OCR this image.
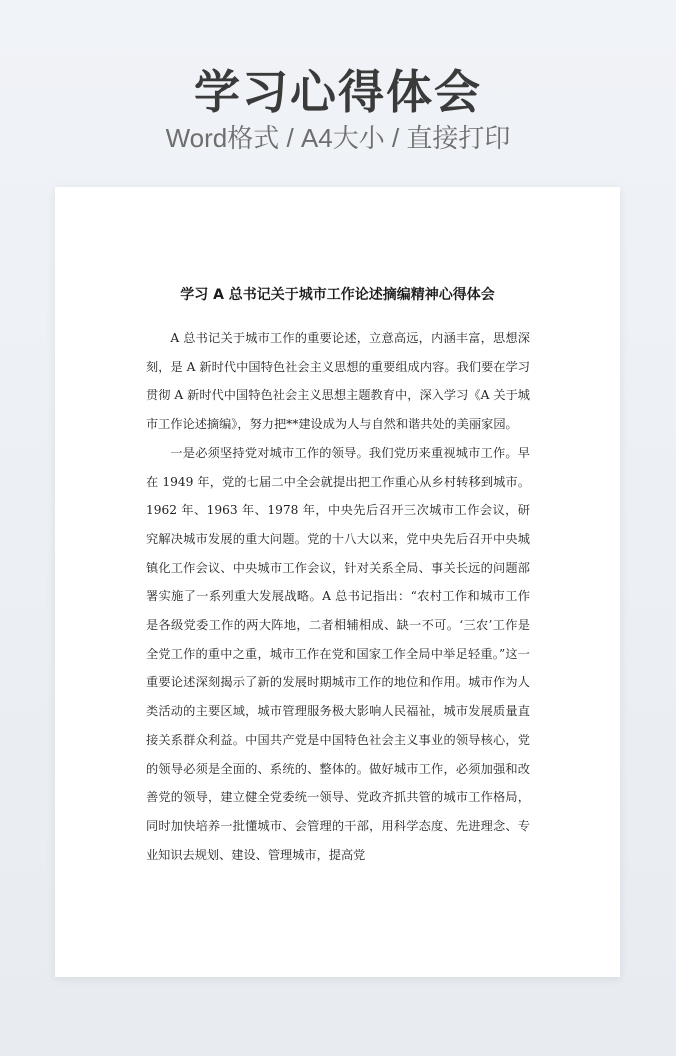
学习心得体会
Word格式 / A4大小 / 直接打印
学习 A 总书记关于城市工作论述摘编精神心得体会

A 总书记关于城市工作的重要论述，立意高远，内涵丰富，思想深刻，是 A 新时代中国特色社会主义思想的重要组成内容。我们要在学习贯彻 A 新时代中国特色社会主义思想主题教育中，深入学习《A 关于城市工作论述摘编》，努力把**建设成为人与自然和谐共处的美丽家园。

一是必须坚持党对城市工作的领导。我们党历来重视城市工作。早在 1949 年，党的七届二中全会就提出把工作重心从乡村转移到城市。1962 年、1963 年、1978 年，中央先后召开三次城市工作会议，研究解决城市发展的重大问题。党的十八大以来，党中央先后召开中央城镇化工作会议、中央城市工作会议，针对关系全局、事关长远的问题部署实施了一系列重大发展战略。A 总书记指出：“农村工作和城市工作是各级党委工作的两大阵地，二者相辅相成、缺一不可。‘三农’工作是全党工作的重中之重，城市工作在党和国家工作全局中举足轻重。”这一重要论述深刻揭示了新的发展时期城市工作的地位和作用。城市作为人类活动的主要区域，城市管理服务极大影响人民福祉，城市发展质量直接关系群众利益。中国共产党是中国特色社会主义事业的领导核心，党的领导必须是全面的、系统的、整体的。做好城市工作，必须加强和改善党的领导，建立健全党委统一领导、党政齐抓共管的城市工作格局，同时加快培养一批懂城市、会管理的干部，用科学态度、先进理念、专业知识去规划、建设、管理城市，提高党
